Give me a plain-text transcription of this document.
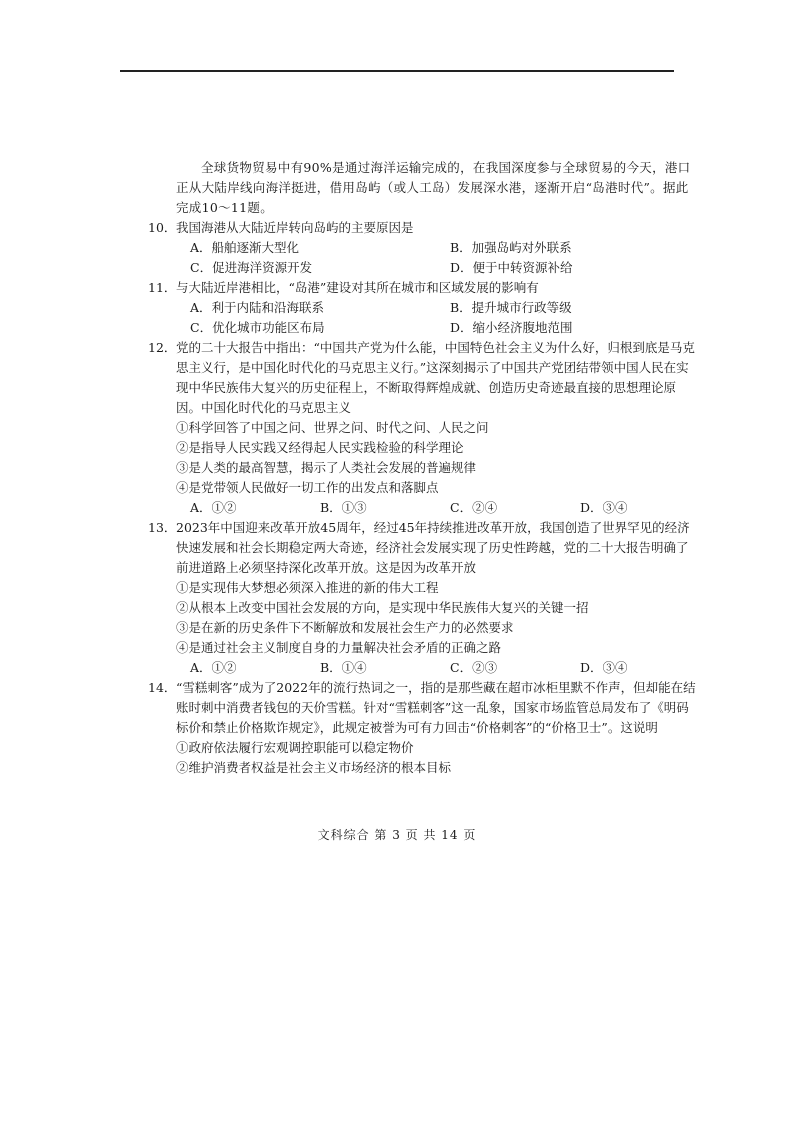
全球货物贸易中有90%是通过海洋运输完成的，在我国深度参与全球贸易的今天，港口正从大陆岸线向海洋挺进，借用岛屿（或人工岛）发展深水港，逐渐开启“岛港时代”。据此完成10～11题。
10． 我国海港从大陆近岸转向岛屿的主要原因是
A．船舶逐渐大型化	B．加强岛屿对外联系
C．促进海洋资源开发	D．便于中转资源补给
11． 与大陆近岸港相比，“岛港”建设对其所在城市和区域发展的影响有
A．利于内陆和沿海联系	B．提升城市行政等级
C．优化城市功能区布局	D．缩小经济腹地范围
12． 党的二十大报告中指出：“中国共产党为什么能，中国特色社会主义为什么好，归根到底是马克思主义行，是中国化时代化的马克思主义行。”这深刻揭示了中国共产党团结带领中国人民在实现中华民族伟大复兴的历史征程上，不断取得辉煌成就、创造历史奇迹最直接的思想理论原因。中国化时代化的马克思主义
①科学回答了中国之问、世界之问、时代之问、人民之问
②是指导人民实践又经得起人民实践检验的科学理论
③是人类的最高智慧，揭示了人类社会发展的普遍规律
④是党带领人民做好一切工作的出发点和落脚点
A．①②	B．①③	C．②④	D．③④
13． 2023年中国迎来改革开放45周年，经过45年持续推进改革开放，我国创造了世界罕见的经济快速发展和社会长期稳定两大奇迹，经济社会发展实现了历史性跨越，党的二十大报告明确了前进道路上必须坚持深化改革开放。这是因为改革开放
①是实现伟大梦想必须深入推进的新的伟大工程
②从根本上改变中国社会发展的方向，是实现中华民族伟大复兴的关键一招
③是在新的历史条件下不断解放和发展社会生产力的必然要求
④是通过社会主义制度自身的力量解决社会矛盾的正确之路
A．①②	B．①④	C．②③	D．③④
14． “雪糕刺客”成为了2022年的流行热词之一，指的是那些藏在超市冰柜里默不作声，但却能在结账时刺中消费者钱包的天价雪糕。针对“雪糕刺客”这一乱象，国家市场监管总局发布了《明码标价和禁止价格欺诈规定》，此规定被誉为可有力回击“价格刺客”的“价格卫士”。这说明
①政府依法履行宏观调控职能可以稳定物价
②维护消费者权益是社会主义市场经济的根本目标
文科综合 第 3 页 共 14 页
